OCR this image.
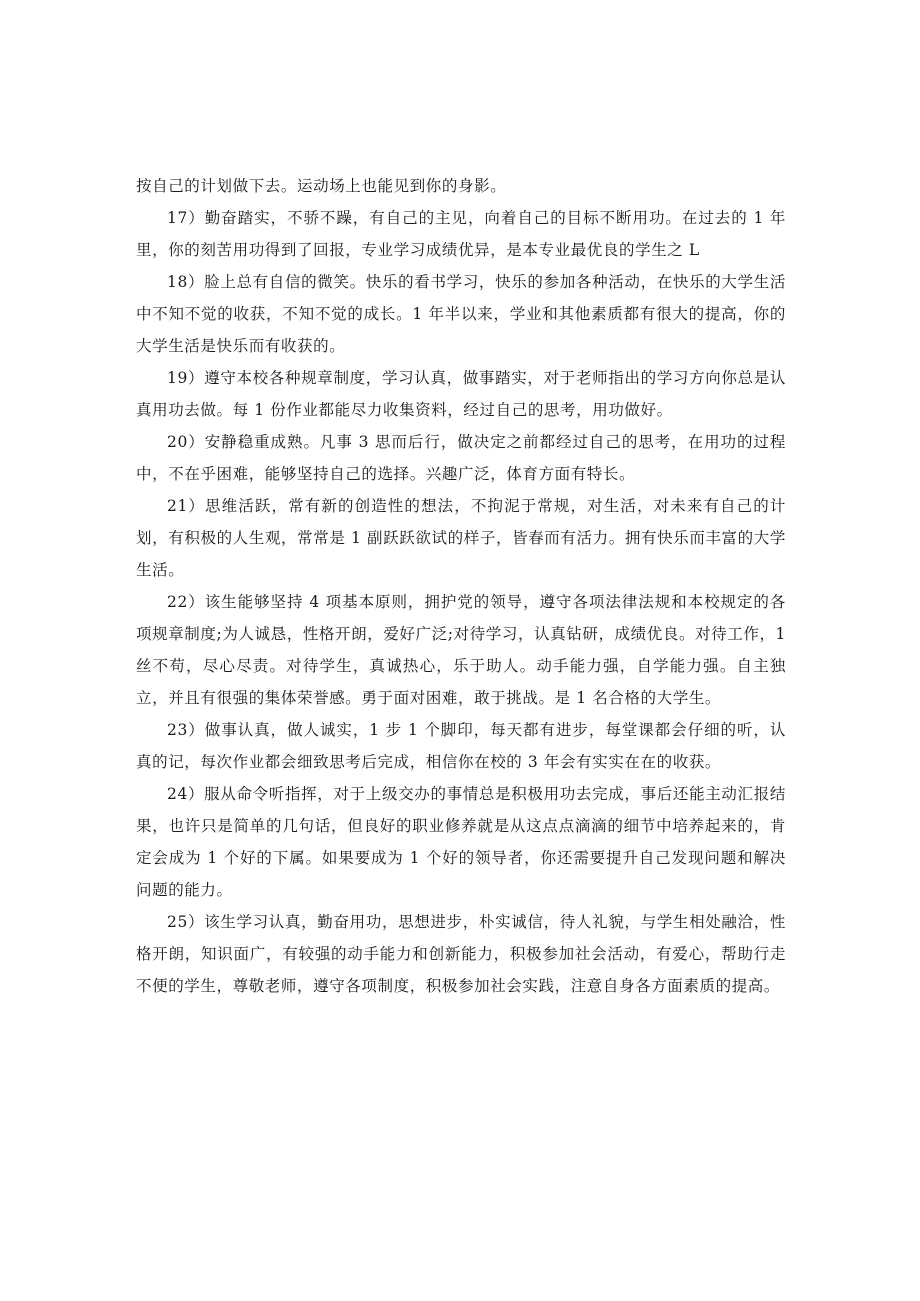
按自己的计划做下去。运动场上也能见到你的身影。

17）勤奋踏实，不骄不躁，有自己的主见，向着自己的目标不断用功。在过去的 1 年里，你的刻苦用功得到了回报，专业学习成绩优异，是本专业最优良的学生之 L

18）脸上总有自信的微笑。快乐的看书学习，快乐的参加各种活动，在快乐的大学生活中不知不觉的收获，不知不觉的成长。1 年半以来，学业和其他素质都有很大的提高，你的大学生活是快乐而有收获的。

19）遵守本校各种规章制度，学习认真，做事踏实，对于老师指出的学习方向你总是认真用功去做。每 1 份作业都能尽力收集资料，经过自己的思考，用功做好。

20）安静稳重成熟。凡事 3 思而后行，做决定之前都经过自己的思考，在用功的过程中，不在乎困难，能够坚持自己的选择。兴趣广泛，体育方面有特长。

21）思维活跃，常有新的创造性的想法，不拘泥于常规，对生活，对未来有自己的计划，有积极的人生观，常常是 1 副跃跃欲试的样子，皆春而有活力。拥有快乐而丰富的大学生活。

22）该生能够坚持 4 项基本原则，拥护党的领导，遵守各项法律法规和本校规定的各项规章制度;为人诚恳，性格开朗，爱好广泛;对待学习，认真钻研，成绩优良。对待工作，1 丝不苟，尽心尽责。对待学生，真诚热心，乐于助人。动手能力强，自学能力强。自主独立，并且有很强的集体荣誉感。勇于面对困难，敢于挑战。是 1 名合格的大学生。

23）做事认真，做人诚实，1 步 1 个脚印，每天都有进步，每堂课都会仔细的听，认真的记，每次作业都会细致思考后完成，相信你在校的 3 年会有实实在在的收获。

24）服从命令听指挥，对于上级交办的事情总是积极用功去完成，事后还能主动汇报结果，也许只是简单的几句话，但良好的职业修养就是从这点点滴滴的细节中培养起来的，肯定会成为 1 个好的下属。如果要成为 1 个好的领导者，你还需要提升自己发现问题和解决问题的能力。

25）该生学习认真，勤奋用功，思想进步，朴实诚信，待人礼貌，与学生相处融洽，性格开朗，知识面广，有较强的动手能力和创新能力，积极参加社会活动，有爱心，帮助行走不便的学生，尊敬老师，遵守各项制度，积极参加社会实践，注意自身各方面素质的提高。
